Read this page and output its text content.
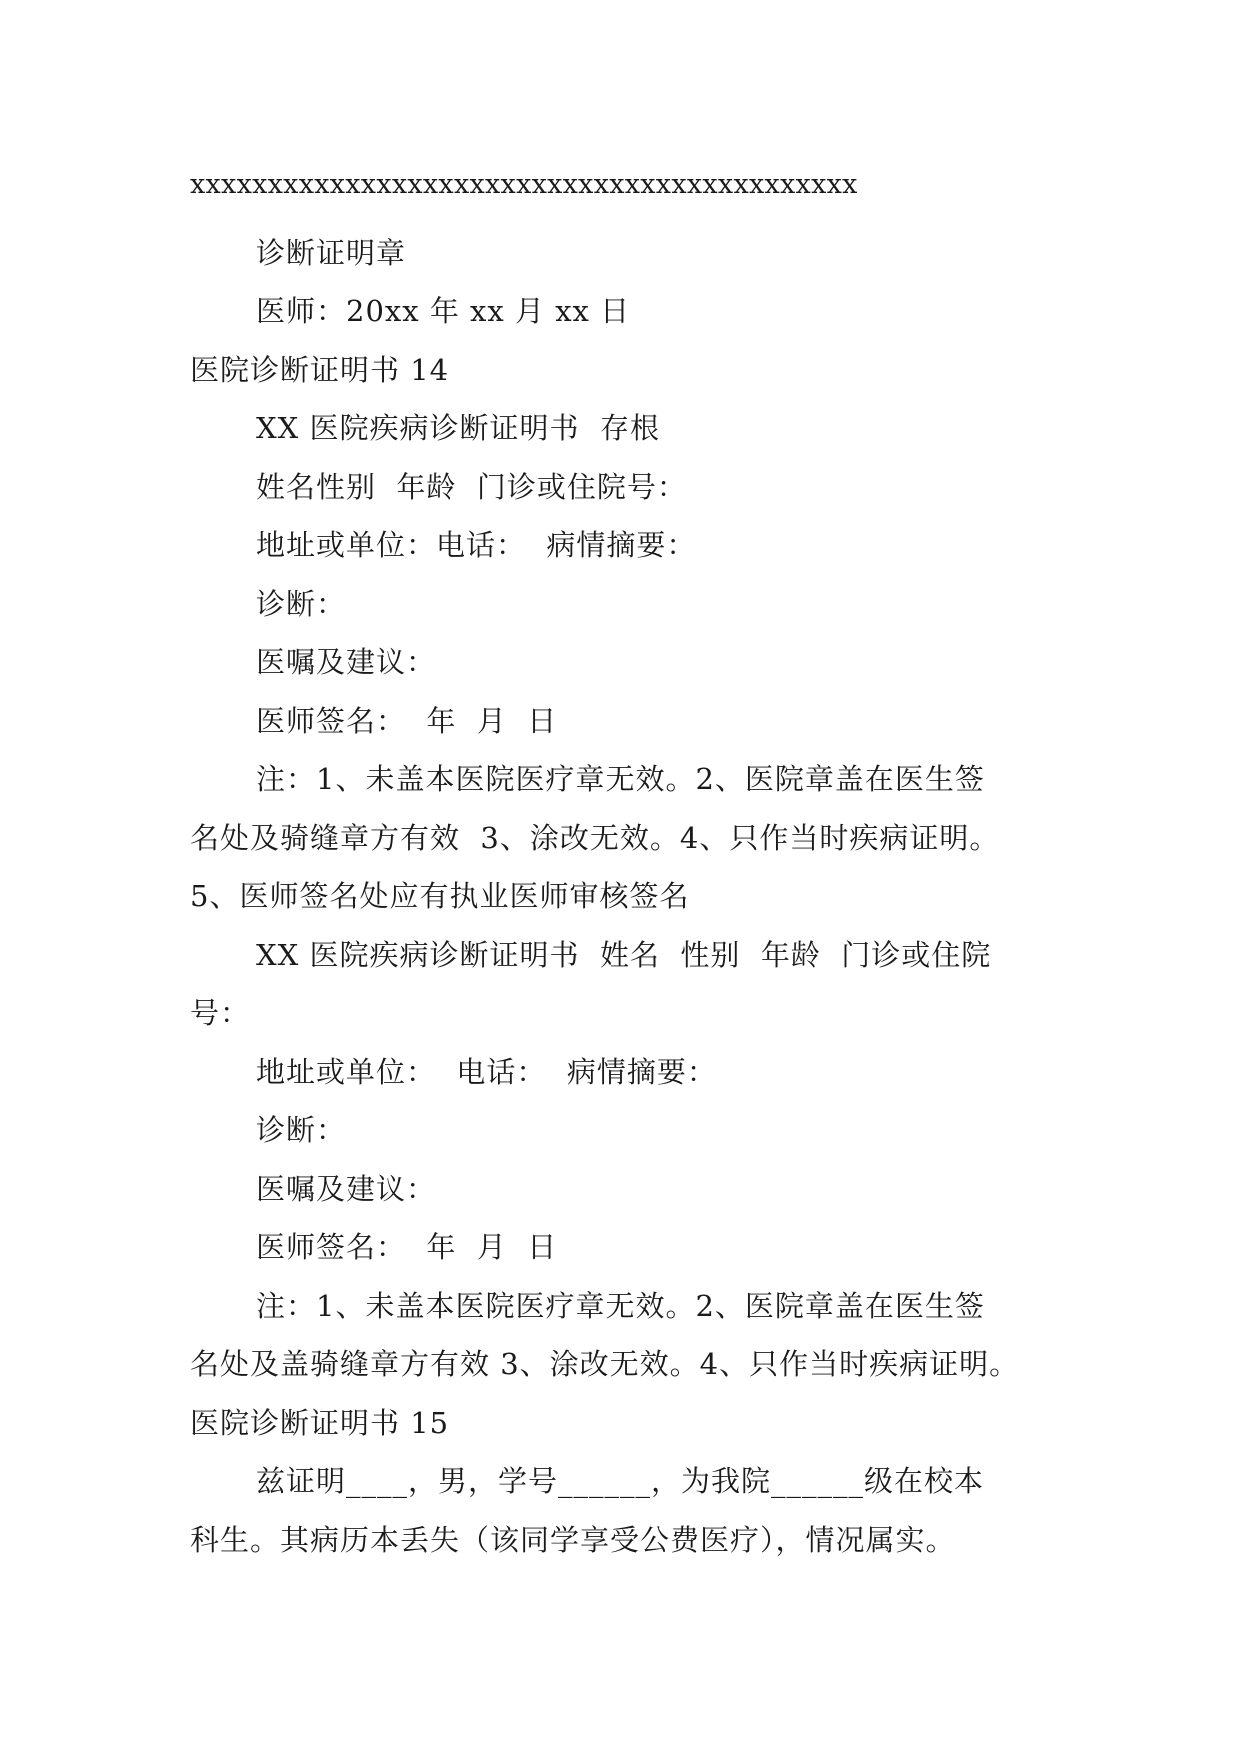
xxxxxxxxxxxxxxxxxxxxxxxxxxxxxxxxxxxxxxxxxxx
诊断证明章
医师：20xx 年 xx 月 xx 日
医院诊断证明书 14
XX 医院疾病诊断证明书  存根
姓名性别  年龄  门诊或住院号：
地址或单位：电话：  病情摘要：
诊断：
医嘱及建议：
医师签名：  年  月  日
注：1、未盖本医院医疗章无效。2、医院章盖在医生签
名处及骑缝章方有效  3、涂改无效。4、只作当时疾病证明。
5、医师签名处应有执业医师审核签名
XX 医院疾病诊断证明书  姓名  性别  年龄  门诊或住院
号：
地址或单位：  电话：  病情摘要：
诊断：
医嘱及建议：
医师签名：  年  月  日
注：1、未盖本医院医疗章无效。2、医院章盖在医生签
名处及盖骑缝章方有效 3、涂改无效。4、只作当时疾病证明。
医院诊断证明书 15
兹证明____，男，学号______，为我院______级在校本
科生。其病历本丢失（该同学享受公费医疗），情况属实。
